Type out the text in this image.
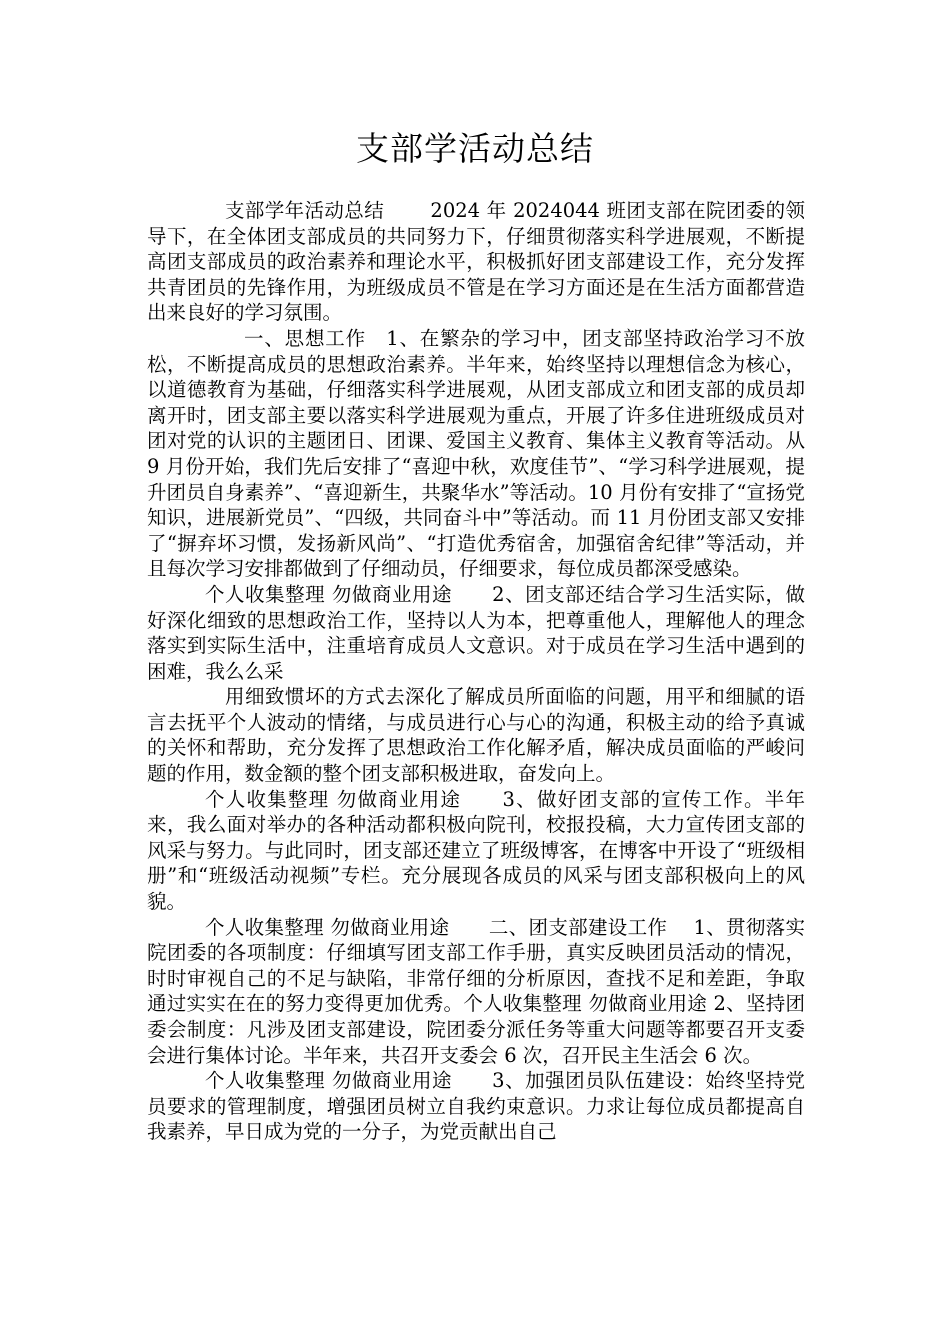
支部学活动总结

支部学年活动总结　　 2024 年 2024044 班团支部在院团委的领导下，在全体团支部成员的共同努力下，仔细贯彻落实科学进展观，不断提高团支部成员的政治素养和理论水平，积极抓好团支部建设工作，充分发挥共青团员的先锋作用，为班级成员不管是在学习方面还是在生活方面都营造出来良好的学习氛围。

一、思想工作　1、在繁杂的学习中，团支部坚持政治学习不放松，不断提高成员的思想政治素养。半年来，始终坚持以理想信念为核心，以道德教育为基础，仔细落实科学进展观，从团支部成立和团支部的成员却离开时，团支部主要以落实科学进展观为重点，开展了许多住进班级成员对团对党的认识的主题团日、团课、爱国主义教育、集体主义教育等活动。从 9 月份开始，我们先后安排了“喜迎中秋，欢度佳节”、“学习科学进展观，提升团员自身素养”、“喜迎新生，共聚华水”等活动。10 月份有安排了“宣扬党知识，进展新党员”、“四级，共同奋斗中”等活动。而 11 月份团支部又安排了“摒弃坏习惯，发扬新风尚”、“打造优秀宿舍，加强宿舍纪律”等活动，并且每次学习安排都做到了仔细动员，仔细要求，每位成员都深受感染。

个人收集整理 勿做商业用途　　2、团支部还结合学习生活实际，做好深化细致的思想政治工作，坚持以人为本，把尊重他人，理解他人的理念落实到实际生活中，注重培育成员人文意识。对于成员在学习生活中遇到的困难，我么么采

用细致惯坏的方式去深化了解成员所面临的问题，用平和细腻的语言去抚平个人波动的情绪，与成员进行心与心的沟通，积极主动的给予真诚的关怀和帮助，充分发挥了思想政治工作化解矛盾，解决成员面临的严峻问题的作用，数金额的整个团支部积极进取，奋发向上。

个人收集整理 勿做商业用途　　3、做好团支部的宣传工作。半年来，我么面对举办的各种活动都积极向院刊，校报投稿，大力宣传团支部的风采与努力。与此同时，团支部还建立了班级博客，在博客中开设了“班级相册”和“班级活动视频”专栏。充分展现各成员的风采与团支部积极向上的风貌。

个人收集整理 勿做商业用途　　二、团支部建设工作　 1、贯彻落实院团委的各项制度：仔细填写团支部工作手册，真实反映团员活动的情况，时时审视自己的不足与缺陷，非常仔细的分析原因，查找不足和差距，争取通过实实在在的努力变得更加优秀。个人收集整理 勿做商业用途 2、坚持团委会制度：凡涉及团支部建设，院团委分派任务等重大问题等都要召开支委会进行集体讨论。半年来，共召开支委会 6 次，召开民主生活会 6 次。

个人收集整理 勿做商业用途　　3、加强团员队伍建设：始终坚持党员要求的管理制度，增强团员树立自我约束意识。力求让每位成员都提高自我素养，早日成为党的一分子，为党贡献出自己
